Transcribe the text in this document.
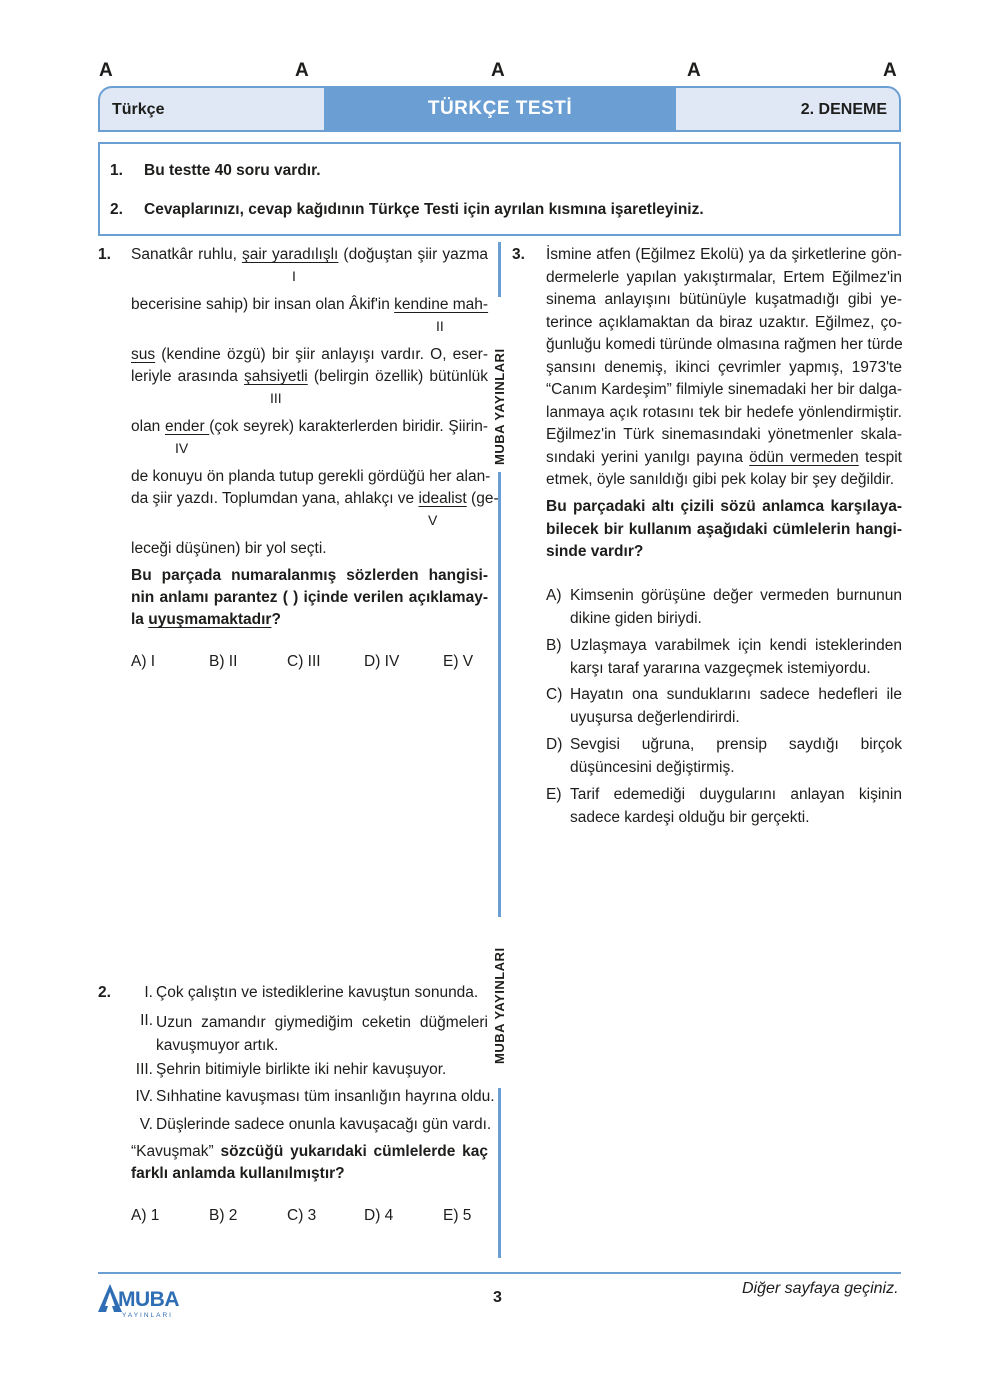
A	A	A	A	A
Türkçe	TÜRKÇE TESTİ	2. DENEME
1. Bu testte 40 soru vardır.
2. Cevaplarınızı, cevap kağıdının Türkçe Testi için ayrılan kısmına işaretleyiniz.
MUBA YAYINLARI
MUBA YAYINLARI
1. Sanatkâr ruhlu, şair yaradılışlı (doğuştan şiir yazma
I
becerisine sahip) bir insan olan Âkif'in kendine mah-
II
sus (kendine özgü) bir şiir anlayışı vardır. O, eser-
leriyle arasında şahsiyetli (belirgin özellik) bütünlük
III
olan ender (çok seyrek) karakterlerden biridir. Şiirin-
IV
de konuyu ön planda tutup gerekli gördüğü her alan-
da şiir yazdı. Toplumdan yana, ahlakçı ve idealist (ge-
V
leceği düşünen) bir yol seçti.
Bu parçada numaralanmış sözlerden hangisi-
nin anlamı parantez ( ) içinde verilen açıklamay-
la uyuşmamaktadır?
A) I	B) II	C) III	D) IV	E) V
2.	I. Çok çalıştın ve istediklerine kavuştun sonunda.
II. Uzun zamandır giymediğim ceketin düğmeleri kavuşmuyor artık.
III. Şehrin bitimiyle birlikte iki nehir kavuşuyor.
IV. Sıhhatine kavuşması tüm insanlığın hayrına oldu.
V. Düşlerinde sadece onunla kavuşacağı gün vardı.
“Kavuşmak” sözcüğü yukarıdaki cümlelerde kaç
farklı anlamda kullanılmıştır?
A) 1	B) 2	C) 3	D) 4	E) 5
3. İsmine atfen (Eğilmez Ekolü) ya da şirketlerine gön-
dermelerle yapılan yakıştırmalar, Ertem Eğilmez'in
sinema anlayışını bütünüyle kuşatmadığı gibi ye-
terince açıklamaktan da biraz uzaktır. Eğilmez, ço-
ğunluğu komedi türünde olmasına rağmen her türde
şansını denemiş, ikinci çevrimler yapmış, 1973'te
“Canım Kardeşim” filmiyle sinemadaki her bir dalga-
lanmaya açık rotasını tek bir hedefe yönlendirmiştir.
Eğilmez'in Türk sinemasındaki yönetmenler skala-
sındaki yerini yanılgı payına ödün vermeden tespit
etmek, öyle sanıldığı gibi pek kolay bir şey değildir.
Bu parçadaki altı çizili sözü anlamca karşılaya-
bilecek bir kullanım aşağıdaki cümlelerin hangi-
sinde vardır?
A) Kimsenin görüşüne değer vermeden burnunun dikine giden biriydi.
B) Uzlaşmaya varabilmek için kendi isteklerinden karşı taraf yararına vazgeçmek istemiyordu.
C) Hayatın ona sunduklarını sadece hedefleri ile uyuşursa değerlendirirdi.
D) Sevgisi uğruna, prensip saydığı birçok düşüncesini değiştirmiş.
E) Tarif edemediği duygularını anlayan kişinin sadece kardeşi olduğu bir gerçekti.
MUBA
YAYINLARI
3
Diğer sayfaya geçiniz.
